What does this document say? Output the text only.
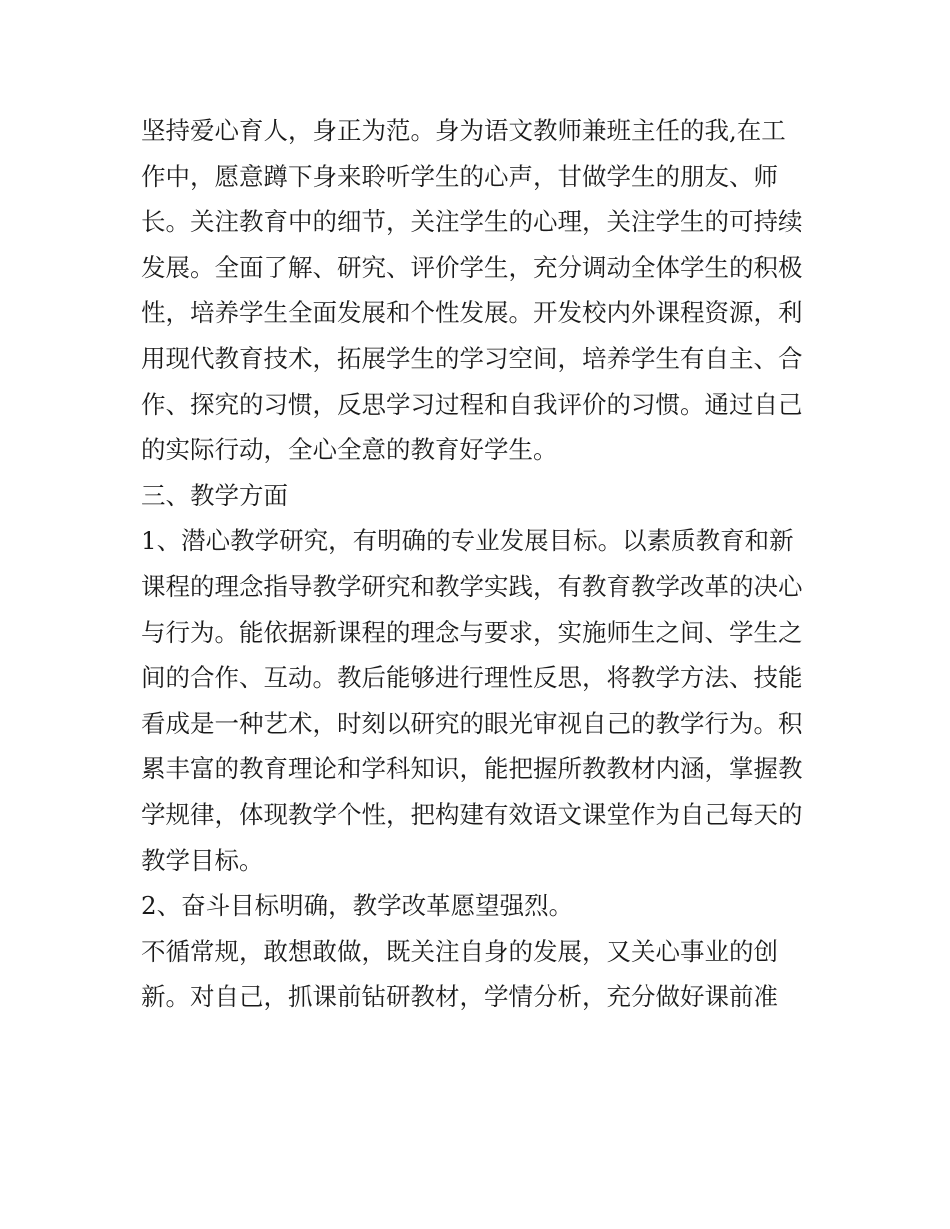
坚持爱心育人，身正为范。身为语文教师兼班主任的我,在工
作中，愿意蹲下身来聆听学生的心声，甘做学生的朋友、师
长。关注教育中的细节，关注学生的心理，关注学生的可持续
发展。全面了解、研究、评价学生，充分调动全体学生的积极
性，培养学生全面发展和个性发展。开发校内外课程资源，利
用现代教育技术，拓展学生的学习空间，培养学生有自主、合
作、探究的习惯，反思学习过程和自我评价的习惯。通过自己
的实际行动，全心全意的教育好学生。
三、教学方面
1、潜心教学研究，有明确的专业发展目标。以素质教育和新
课程的理念指导教学研究和教学实践，有教育教学改革的决心
与行为。能依据新课程的理念与要求，实施师生之间、学生之
间的合作、互动。教后能够进行理性反思，将教学方法、技能
看成是一种艺术，时刻以研究的眼光审视自己的教学行为。积
累丰富的教育理论和学科知识，能把握所教教材内涵，掌握教
学规律，体现教学个性，把构建有效语文课堂作为自己每天的
教学目标。
2、奋斗目标明确，教学改革愿望强烈。
不循常规，敢想敢做，既关注自身的发展，又关心事业的创
新。对自己，抓课前钻研教材，学情分析，充分做好课前准
